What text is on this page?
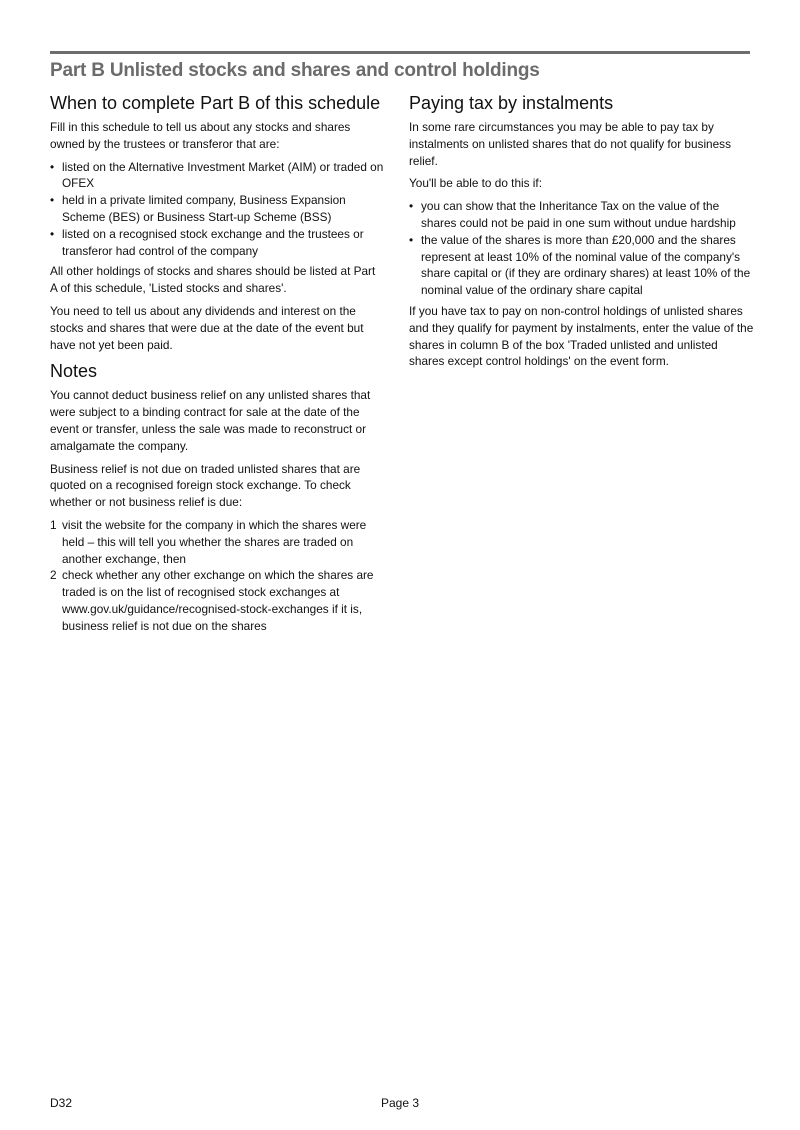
Part B Unlisted stocks and shares and control holdings
When to complete Part B of this schedule

Fill in this schedule to tell us about any stocks and shares owned by the trustees or transferor that are:

• listed on the Alternative Investment Market (AIM) or traded on OFEX
• held in a private limited company, Business Expansion Scheme (BES) or Business Start-up Scheme (BSS)
• listed on a recognised stock exchange and the trustees or transferor had control of the company

All other holdings of stocks and shares should be listed at Part A of this schedule, 'Listed stocks and shares'.

You need to tell us about any dividends and interest on the stocks and shares that were due at the date of the event but have not yet been paid.

Notes

You cannot deduct business relief on any unlisted shares that were subject to a binding contract for sale at the date of the event or transfer, unless the sale was made to reconstruct or amalgamate the company.

Business relief is not due on traded unlisted shares that are quoted on a recognised foreign stock exchange. To check whether or not business relief is due:

1 visit the website for the company in which the shares were held – this will tell you whether the shares are traded on another exchange, then
2 check whether any other exchange on which the shares are traded is on the list of recognised stock exchanges at www.gov.uk/guidance/recognised-stock-exchanges if it is, business relief is not due on the shares
Paying tax by instalments

In some rare circumstances you may be able to pay tax by instalments on unlisted shares that do not qualify for business relief.

You'll be able to do this if:

• you can show that the Inheritance Tax on the value of the shares could not be paid in one sum without undue hardship
• the value of the shares is more than £20,000 and the shares represent at least 10% of the nominal value of the company's share capital or (if they are ordinary shares) at least 10% of the nominal value of the ordinary share capital

If you have tax to pay on non-control holdings of unlisted shares and they qualify for payment by instalments, enter the value of the shares in column B of the box 'Traded unlisted and unlisted shares except control holdings' on the event form.

D32	Page 3
